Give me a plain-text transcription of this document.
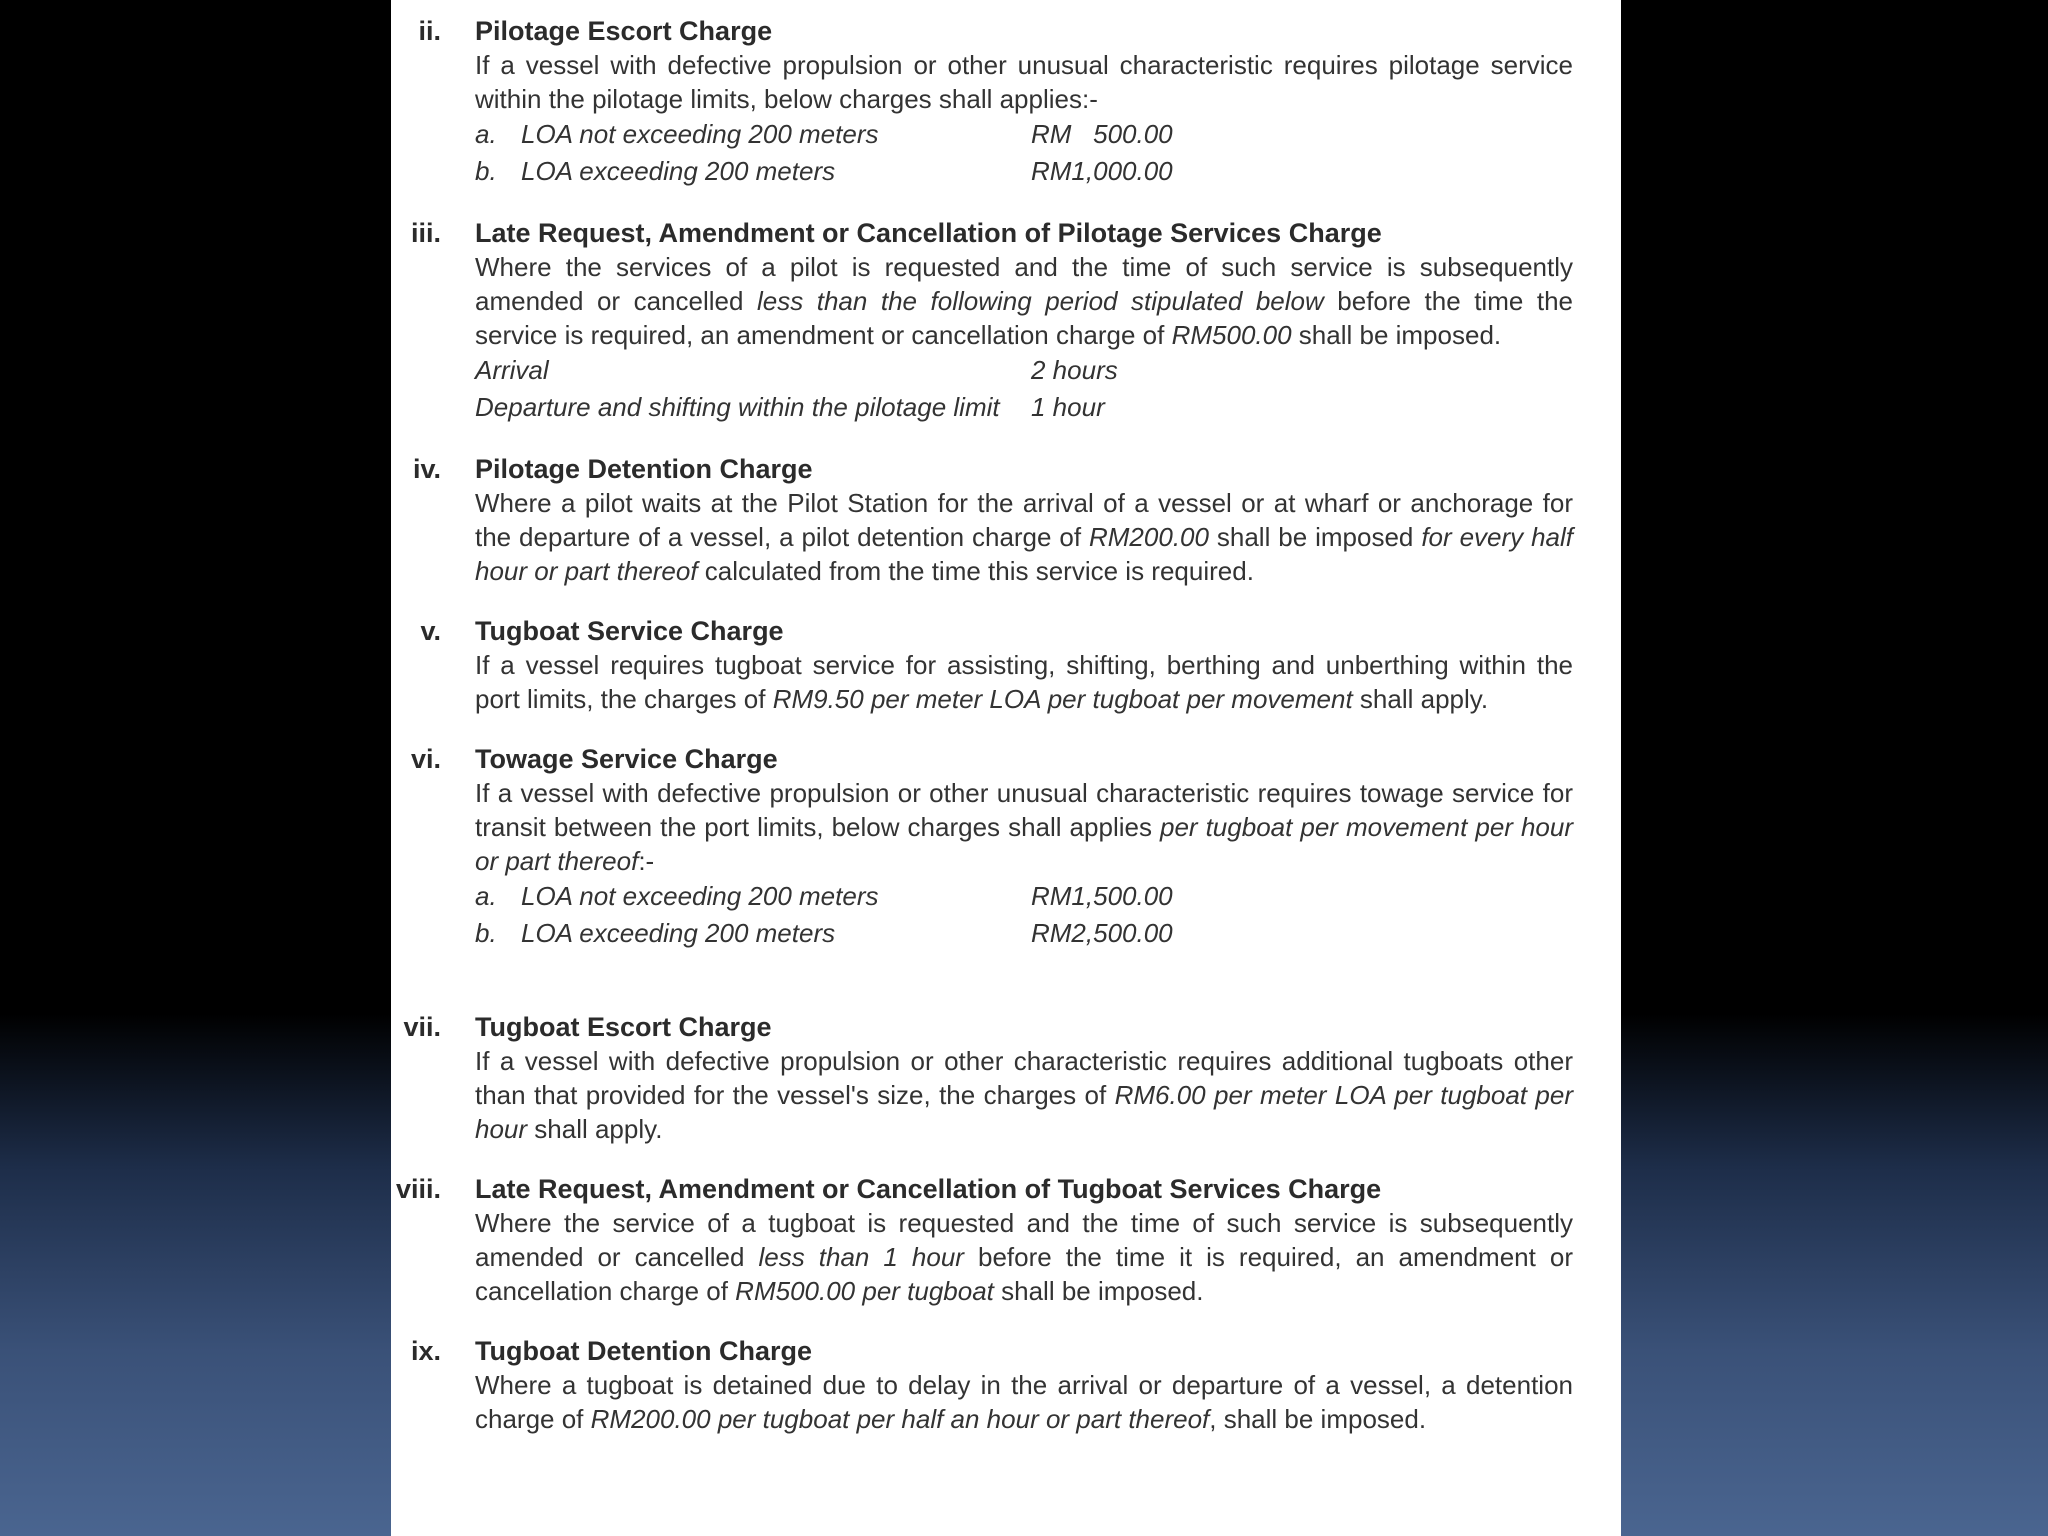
ii. Pilotage Escort Charge
If a vessel with defective propulsion or other unusual characteristic requires pilotage service within the pilotage limits, below charges shall applies:-
a. LOA not exceeding 200 meters	RM   500.00
b. LOA exceeding 200 meters	RM1,000.00
iii. Late Request, Amendment or Cancellation of Pilotage Services Charge
Where the services of a pilot is requested and the time of such service is subsequently amended or cancelled less than the following period stipulated below before the time the service is required, an amendment or cancellation charge of RM500.00 shall be imposed.
Arrival	2 hours
Departure and shifting within the pilotage limit 1 hour
iv. Pilotage Detention Charge
Where a pilot waits at the Pilot Station for the arrival of a vessel or at wharf or anchorage for the departure of a vessel, a pilot detention charge of RM200.00 shall be imposed for every half hour or part thereof calculated from the time this service is required.
v. Tugboat Service Charge
If a vessel requires tugboat service for assisting, shifting, berthing and unberthing within the port limits, the charges of RM9.50 per meter LOA per tugboat per movement shall apply.
vi. Towage Service Charge
If a vessel with defective propulsion or other unusual characteristic requires towage service for transit between the port limits, below charges shall applies per tugboat per movement per hour or part thereof:-
a. LOA not exceeding 200 meters	RM1,500.00
b. LOA exceeding 200 meters	RM2,500.00
vii. Tugboat Escort Charge
If a vessel with defective propulsion or other characteristic requires additional tugboats other than that provided for the vessel's size, the charges of RM6.00 per meter LOA per tugboat per hour shall apply.
viii. Late Request, Amendment or Cancellation of Tugboat Services Charge
Where the service of a tugboat is requested and the time of such service is subsequently amended or cancelled less than 1 hour before the time it is required, an amendment or cancellation charge of RM500.00 per tugboat shall be imposed.
ix. Tugboat Detention Charge
Where a tugboat is detained due to delay in the arrival or departure of a vessel, a detention charge of RM200.00 per tugboat per half an hour or part thereof, shall be imposed.
